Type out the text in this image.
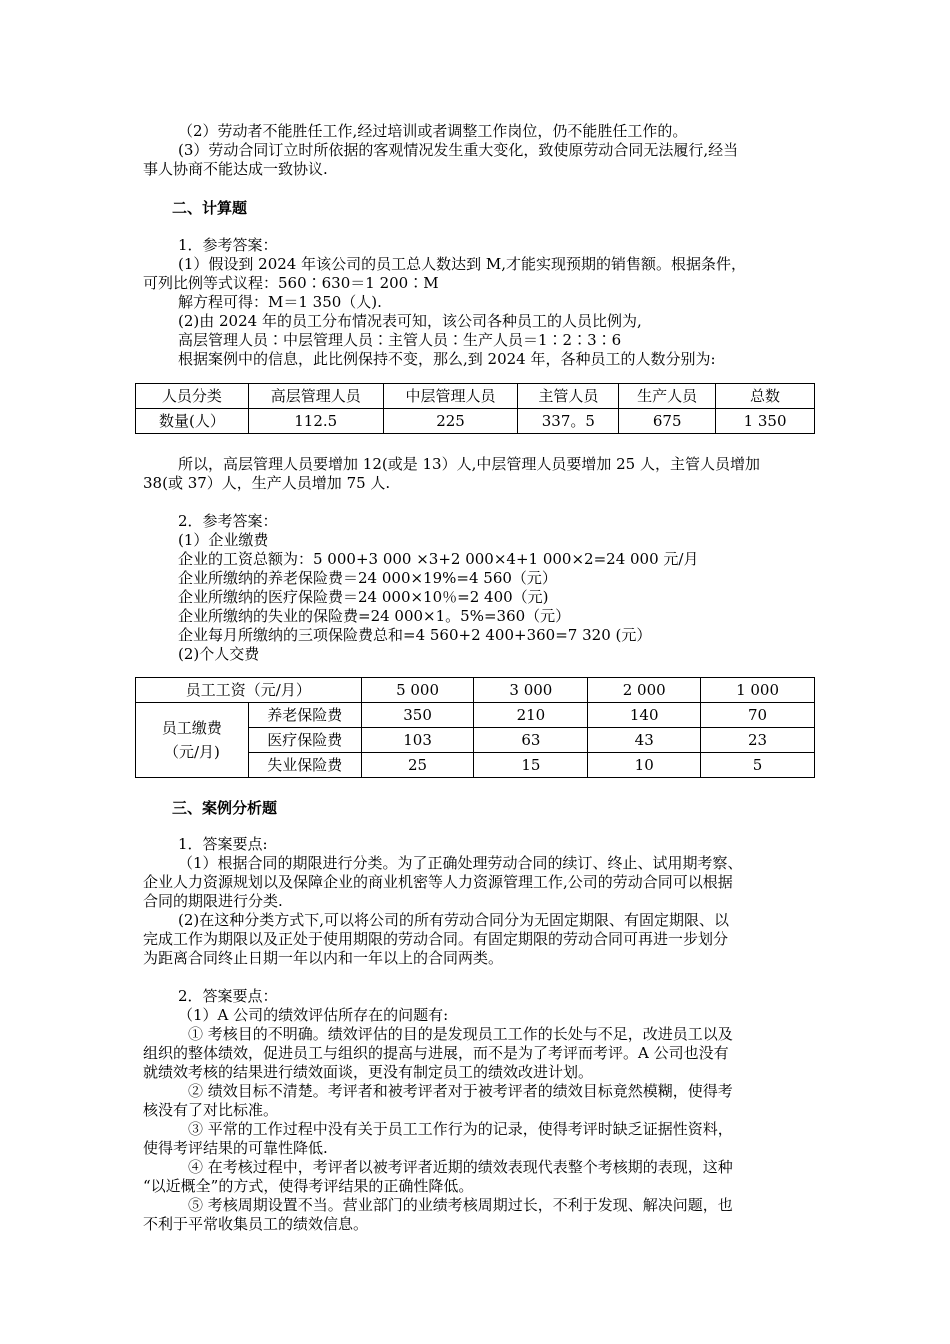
（2）劳动者不能胜任工作,经过培训或者调整工作岗位，仍不能胜任工作的。
(3）劳动合同订立时所依据的客观情况发生重大变化，致使原劳动合同无法履行,经当
事人协商不能达成一致协议.
二、计算题
1．参考答案：
(1）假设到 2024 年该公司的员工总人数达到 M,才能实现预期的销售额。根据条件，
可列比例等式议程：560∶630＝1 200∶M
解方程可得：M＝1 350（人).
(2)由 2024 年的员工分布情况表可知，该公司各种员工的人员比例为,
高层管理人员∶中层管理人员∶主管人员∶生产人员＝1∶2∶3∶6
根据案例中的信息，此比例保持不变，那么,到 2024 年，各种员工的人数分别为:
人员分类	高层管理人员	中层管理人员	主管人员	生产人员	总数
数量(人）	112.5	225	337。5	675	1 350
所以，高层管理人员要增加 12(或是 13）人,中层管理人员要增加 25 人，主管人员增加
38(或 37）人，生产人员增加 75 人.
2．参考答案：
(1）企业缴费
企业的工资总额为：5 000+3 000 ×3+2 000×4+1 000×2=24 000 元/月
企业所缴纳的养老保险费＝24 000×19%=4 560（元）
企业所缴纳的医疗保险费＝24 000×10％=2 400（元)
企业所缴纳的失业的保险费=24 000×1。5%=360（元）
企业每月所缴纳的三项保险费总和=4 560+2 400+360=7 320 (元）
(2)个人交费
员工工资（元/月）		5 000	3 000	2 000	1 000

员工缴费
（元/月)	养老保险费	350	210	140	70
	医疗保险费	103	63	43	23
	失业保险费	25	15	10	5
三、案例分析题
1．答案要点:
（1）根据合同的期限进行分类。为了正确处理劳动合同的续订、终止、试用期考察、
企业人力资源规划以及保障企业的商业机密等人力资源管理工作,公司的劳动合同可以根据
合同的期限进行分类.
(2)在这种分类方式下,可以将公司的所有劳动合同分为无固定期限、有固定期限、以
完成工作为期限以及正处于使用期限的劳动合同。有固定期限的劳动合同可再进一步划分
为距离合同终止日期一年以内和一年以上的合同两类。
2．答案要点：
（1）A 公司的绩效评估所存在的问题有:
① 考核目的不明确。绩效评估的目的是发现员工工作的长处与不足，改进员工以及
组织的整体绩效，促进员工与组织的提高与进展，而不是为了考评而考评。A 公司也没有
就绩效考核的结果进行绩效面谈，更没有制定员工的绩效改进计划。
② 绩效目标不清楚。考评者和被考评者对于被考评者的绩效目标竟然模糊，使得考
核没有了对比标准。
③ 平常的工作过程中没有关于员工工作行为的记录，使得考评时缺乏证据性资料，
使得考评结果的可靠性降低.
④ 在考核过程中，考评者以被考评者近期的绩效表现代表整个考核期的表现，这种
“以近概全”的方式，使得考评结果的正确性降低。
⑤ 考核周期设置不当。营业部门的业绩考核周期过长，不利于发现、解决问题，也
不利于平常收集员工的绩效信息。
